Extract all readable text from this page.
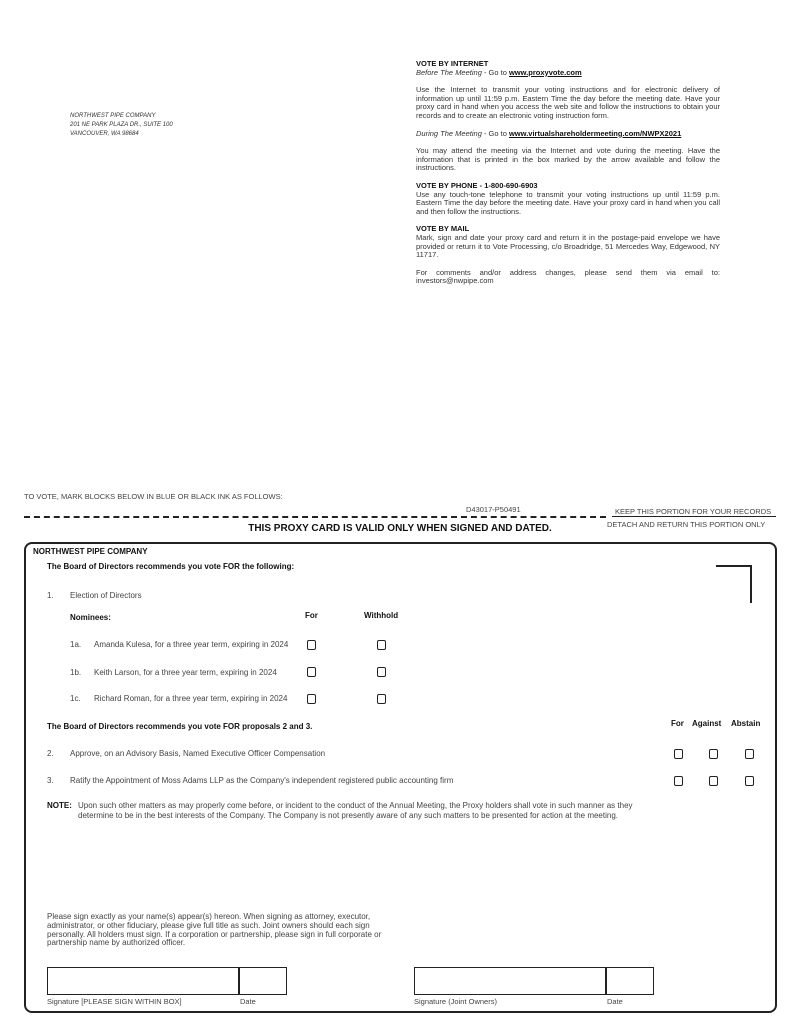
NORTHWEST PIPE COMPANY
201 NE PARK PLAZA DR., SUITE 100
VANCOUVER, WA 98684
VOTE BY INTERNET
Before The Meeting - Go to www.proxyvote.com

Use the Internet to transmit your voting instructions and for electronic delivery of information up until 11:59 p.m. Eastern Time the day before the meeting date. Have your proxy card in hand when you access the web site and follow the instructions to obtain your records and to create an electronic voting instruction form.

During The Meeting - Go to www.virtualshareholdermeeting.com/NWPX2021

You may attend the meeting via the Internet and vote during the meeting. Have the information that is printed in the box marked by the arrow available and follow the instructions.

VOTE BY PHONE - 1-800-690-6903

Use any touch-tone telephone to transmit your voting instructions up until 11:59 p.m. Eastern Time the day before the meeting date. Have your proxy card in hand when you call and then follow the instructions.

VOTE BY MAIL

Mark, sign and date your proxy card and return it in the postage-paid envelope we have provided or return it to Vote Processing, c/o Broadridge, 51 Mercedes Way, Edgewood, NY 11717.

For comments and/or address changes, please send them via email to: investors@nwpipe.com

TO VOTE, MARK BLOCKS BELOW IN BLUE OR BLACK INK AS FOLLOWS:
D43017-P50491	KEEP THIS PORTION FOR YOUR RECORDS
DETACH AND RETURN THIS PORTION ONLY
THIS PROXY CARD IS VALID ONLY WHEN SIGNED AND DATED.
NORTHWEST PIPE COMPANY
The Board of Directors recommends you vote FOR the following:
1. Election of Directors
Nominees:	For	Withhold
1a. Amanda Kulesa, for a three year term, expiring in 2024
1b. Keith Larson, for a three year term, expiring in 2024
1c. Richard Roman, for a three year term, expiring in 2024
The Board of Directors recommends you vote FOR proposals 2 and 3.	For Against Abstain
2. Approve, on an Advisory Basis, Named Executive Officer Compensation
3. Ratify the Appointment of Moss Adams LLP as the Company's independent registered public accounting firm
NOTE: Upon such other matters as may properly come before, or incident to the conduct of the Annual Meeting, the Proxy holders shall vote in such manner as they determine to be in the best interests of the Company. The Company is not presently aware of any such matters to be presented for action at the meeting.
Please sign exactly as your name(s) appear(s) hereon. When signing as attorney, executor, administrator, or other fiduciary, please give full title as such. Joint owners should each sign personally. All holders must sign. If a corporation or partnership, please sign in full corporate or partnership name by authorized officer.
Signature [PLEASE SIGN WITHIN BOX]	Date	Signature (Joint Owners)	Date
